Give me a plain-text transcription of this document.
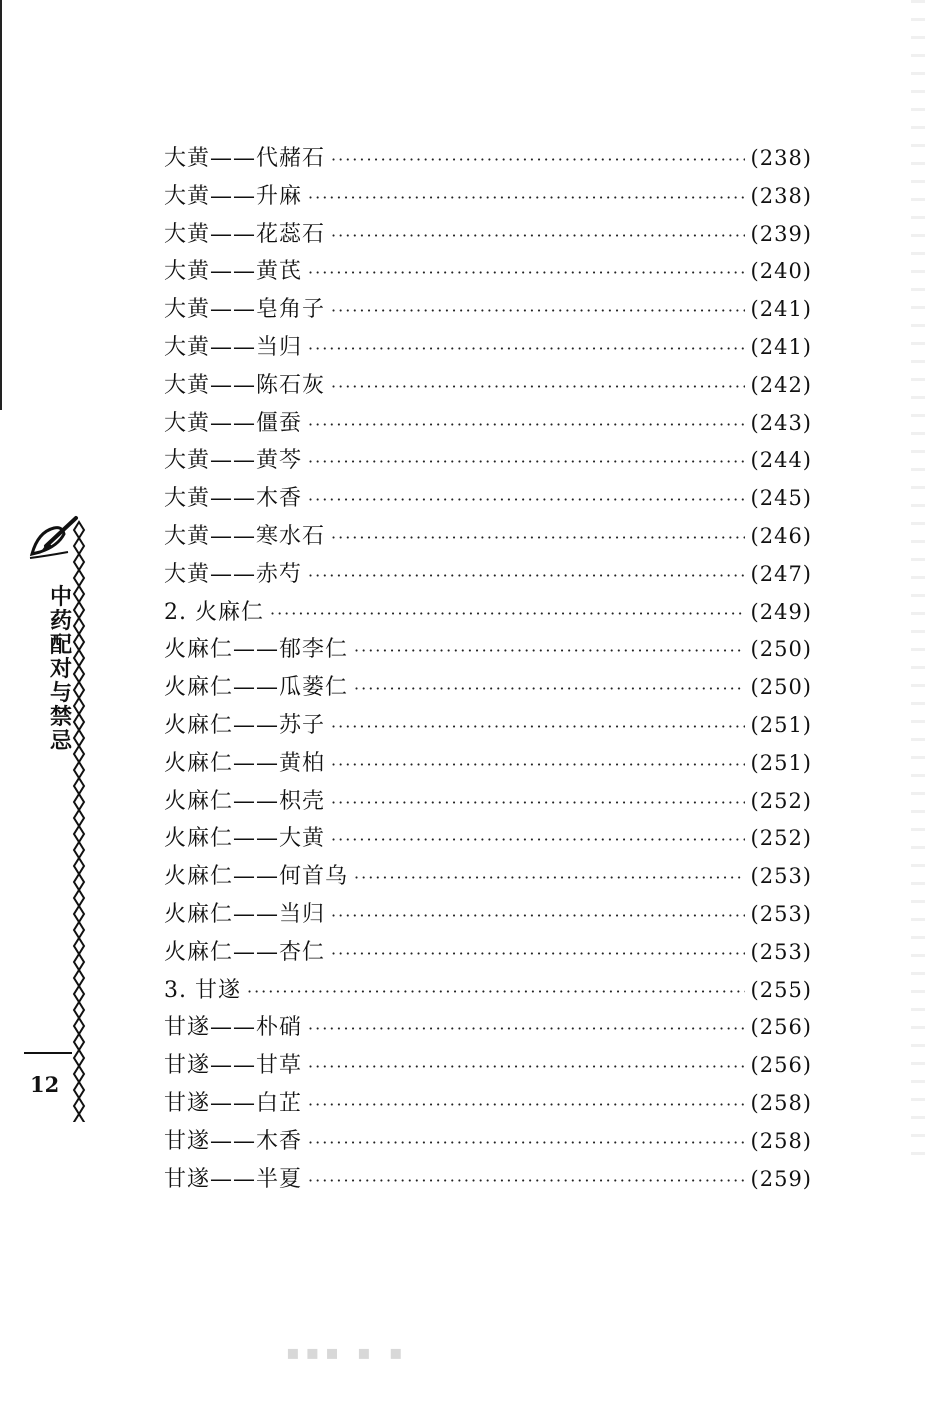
中药配对与禁忌
12
大黄——代赭石 ·····	(238)
大黄——升麻 ·····	(238)
大黄——花蕊石 ·····	(239)
大黄——黄芪 ·····	(240)
大黄——皂角子 ·····	(241)
大黄——当归 ·····	(241)
大黄——陈石灰 ·····	(242)
大黄——僵蚕 ·····	(243)
大黄——黄芩 ·····	(244)
大黄——木香 ·····	(245)
大黄——寒水石 ·····	(246)
大黄——赤芍 ·····	(247)
2. 火麻仁 ·····	(249)
火麻仁——郁李仁 ·····	(250)
火麻仁——瓜蒌仁 ·····	(250)
火麻仁——苏子 ·····	(251)
火麻仁——黄柏 ·····	(251)
火麻仁——枳壳 ·····	(252)
火麻仁——大黄 ·····	(252)
火麻仁——何首乌 ·····	(253)
火麻仁——当归 ·····	(253)
火麻仁——杏仁 ·····	(253)
3. 甘遂 ·····	(255)
甘遂——朴硝 ·····	(256)
甘遂——甘草 ·····	(256)
甘遂——白芷 ·····	(258)
甘遂——木香 ·····	(258)
甘遂——半夏 ·····	(259)
▪▪▪ ▪ ▪
